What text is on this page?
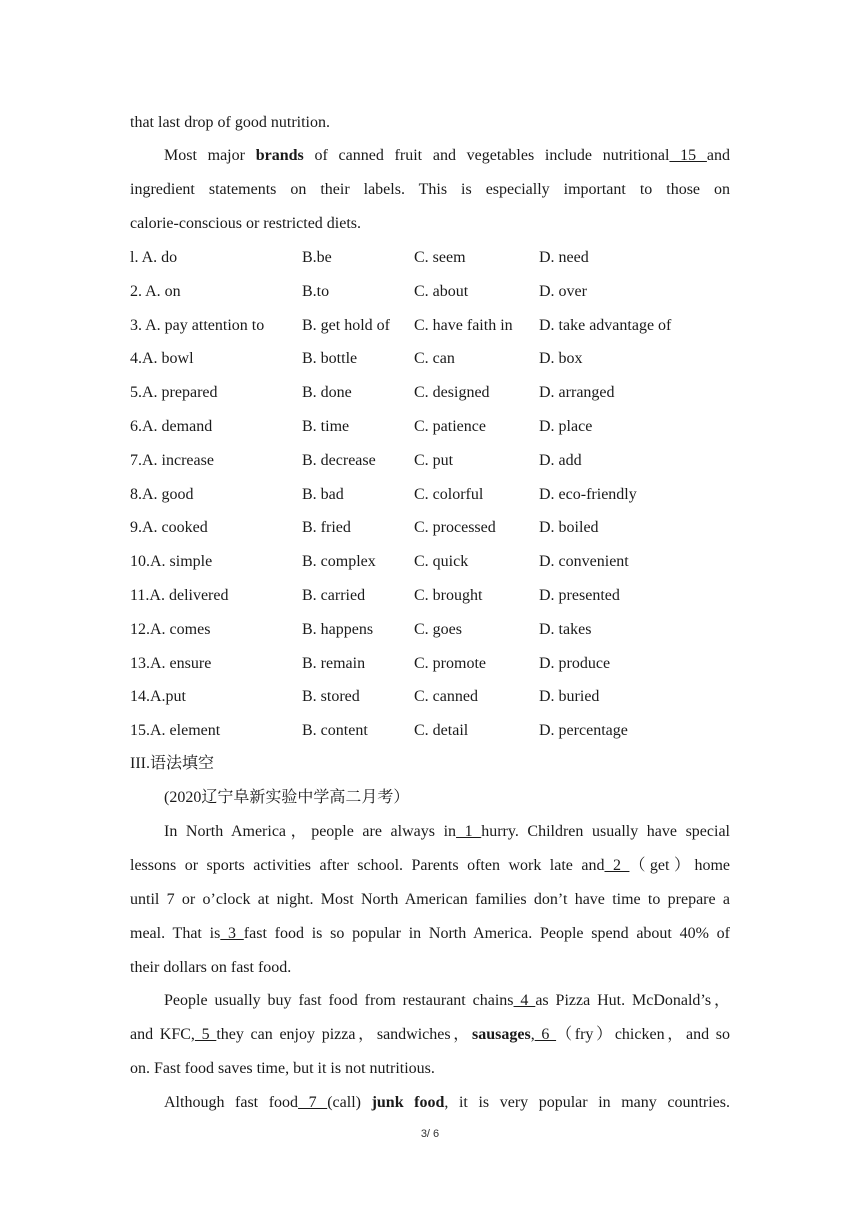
that last drop of good nutrition.
Most major brands of canned fruit and vegetables include nutritional 15 and
ingredient statements on their labels. This is especially important to those on
calorie-conscious or restricted diets.
l. A. do	B.be	C. seem	D. need
2. A. on	B.to	C. about	D. over
3. A. pay attention to B. get hold of C. have faith in D. take advantage of
4.A. bowl	B. bottle	C. can	D. box
5.A. prepared	B. done	C. designed	D. arranged
6.A. demand	B. time	C. patience	D. place
7.A. increase	B. decrease C. put	D. add
8.A. good	B. bad	C. colorful	D. eco-friendly
9.A. cooked	B. fried	C. processed	D. boiled
10.A. simple	B. complex C. quick	D. convenient
11.A. delivered	B. carried	C. brought	D. presented
12.A. comes	B. happens	C. goes	D. takes
13.A. ensure	B. remain	C. promote	D. produce
14.A.put	B. stored	C. canned	D. buried
15.A. element	B. content	C. detail	D. percentage
III.语法填空
(2020辽宁阜新实验中学高二月考）
In North America，people are always in 1 hurry. Children usually have special
lessons or sports activities after school. Parents often work late and 2 （get）home
until 7 or o’clock at night. Most North American families don’t have time to prepare a
meal. That is 3 fast food is so popular in North America. People spend about 40% of
their dollars on fast food.
People usually buy fast food from restaurant chains 4 as Pizza Hut. McDonald’s，
and KFC, 5 they can enjoy pizza，sandwiches，sausages, 6 （fry）chicken，and so
on. Fast food saves time, but it is not nutritious.
Although fast food 7 (call) junk food, it is very popular in many countries.
3/ 6
